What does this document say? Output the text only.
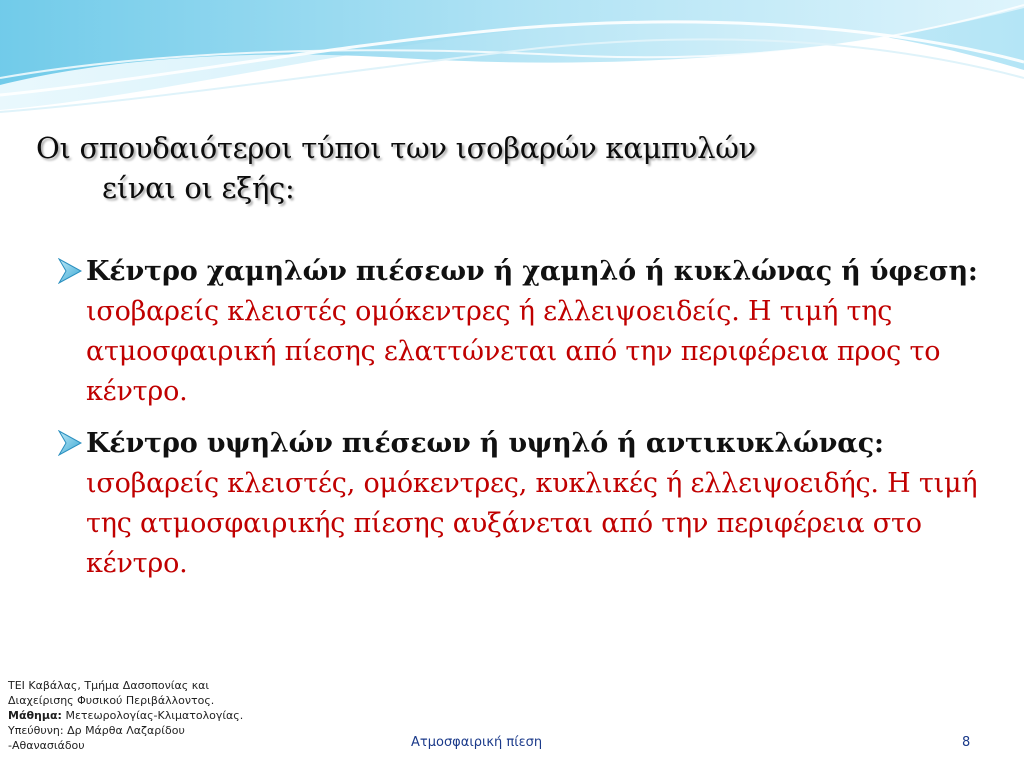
Οι σπουδαιότεροι τύποι των ισοβαρών καμπυλών
είναι οι εξής:
Κέντρο χαμηλών πιέσεων ή χαμηλό ή κυκλώνας ή ύφεση: ισοβαρείς κλειστές ομόκεντρες ή ελλειψοειδείς. Η τιμή της ατμοσφαιρική πίεσης ελαττώνεται από την περιφέρεια προς το κέντρο.
Κέντρο υψηλών πιέσεων ή υψηλό ή αντικυκλώνας: ισοβαρείς κλειστές, ομόκεντρες, κυκλικές ή ελλειψοειδής. Η τιμή της ατμοσφαιρικής πίεσης αυξάνεται από την περιφέρεια στο κέντρο.
ΤΕΙ Καβάλας, Τμήμα Δασοπονίας και
Διαχείρισης Φυσικού Περιβάλλοντος.
Μάθημα: Μετεωρολογίας-Κλιματολογίας.
Υπεύθυνη: Δρ Μάρθα Λαζαρίδου
-Αθανασιάδου	Ατμοσφαιρική πίεση	8
